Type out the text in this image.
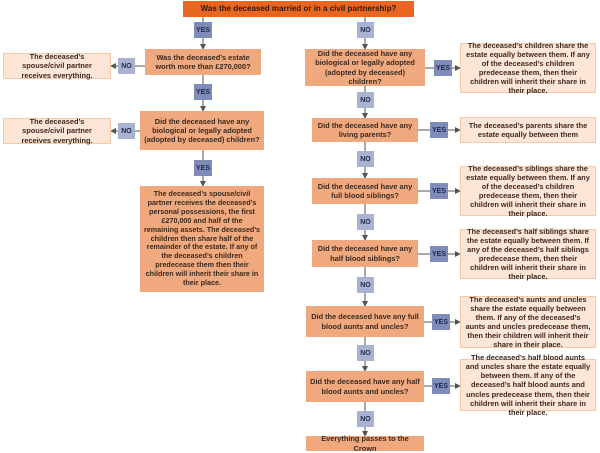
Was the deceased married or in a civil partnership?
YES	NO
Was the deceased’s estate worth more than £270,000?
NO
The deceased’s spouse/civil partner receives everything.
YES
Did the deceased have any biological or legally adopted (adopted by deceased) children?
NO
The deceased’s spouse/civil partner receives everything.
YES
The deceased’s spouse/civil partner receives the deceased’s personal possessions, the first £270,000 and half of the remaining assets. The deceased’s children then share half of the remainder of the estate. If any of the deceased’s children predecease them then their children will inherit their share in their place.
Did the deceased have any biological or legally adopted (adopted by deceased) children?
YES
The deceased’s children share the estate equally between them. If any of the deceased’s children predecease them, then their children will inherit their share in their place.
NO
Did the deceased have any living parents?	YES
The deceased’s parents share the estate equally between them
NO
Did the deceased have any full blood siblings?	YES
The deceased’s siblings share the estate equally between them. If any of the deceased’s children predecease them, then their children will inherit their share in their place.
NO
Did the deceased have any half blood siblings?	YES
The deceased’s half siblings share the estate equally between them. If any of the deceased’s half siblings predecease them, then their children will inherit their share in their place.
NO
Did the deceased have any full blood aunts and uncles?	YES
The deceased’s aunts and uncles share the estate equally between them. If any of the deceased’s aunts and uncles predecease them, then their children will inherit their share in their place.
NO
Did the deceased have any half blood aunts and uncles?
YES
The deceased’s half blood aunts and uncles share the estate equally between them. If any of the deceased’s half blood aunts and uncles predecease them, then their children will inherit their share in their place.
NO
Everything passes to the Crown
